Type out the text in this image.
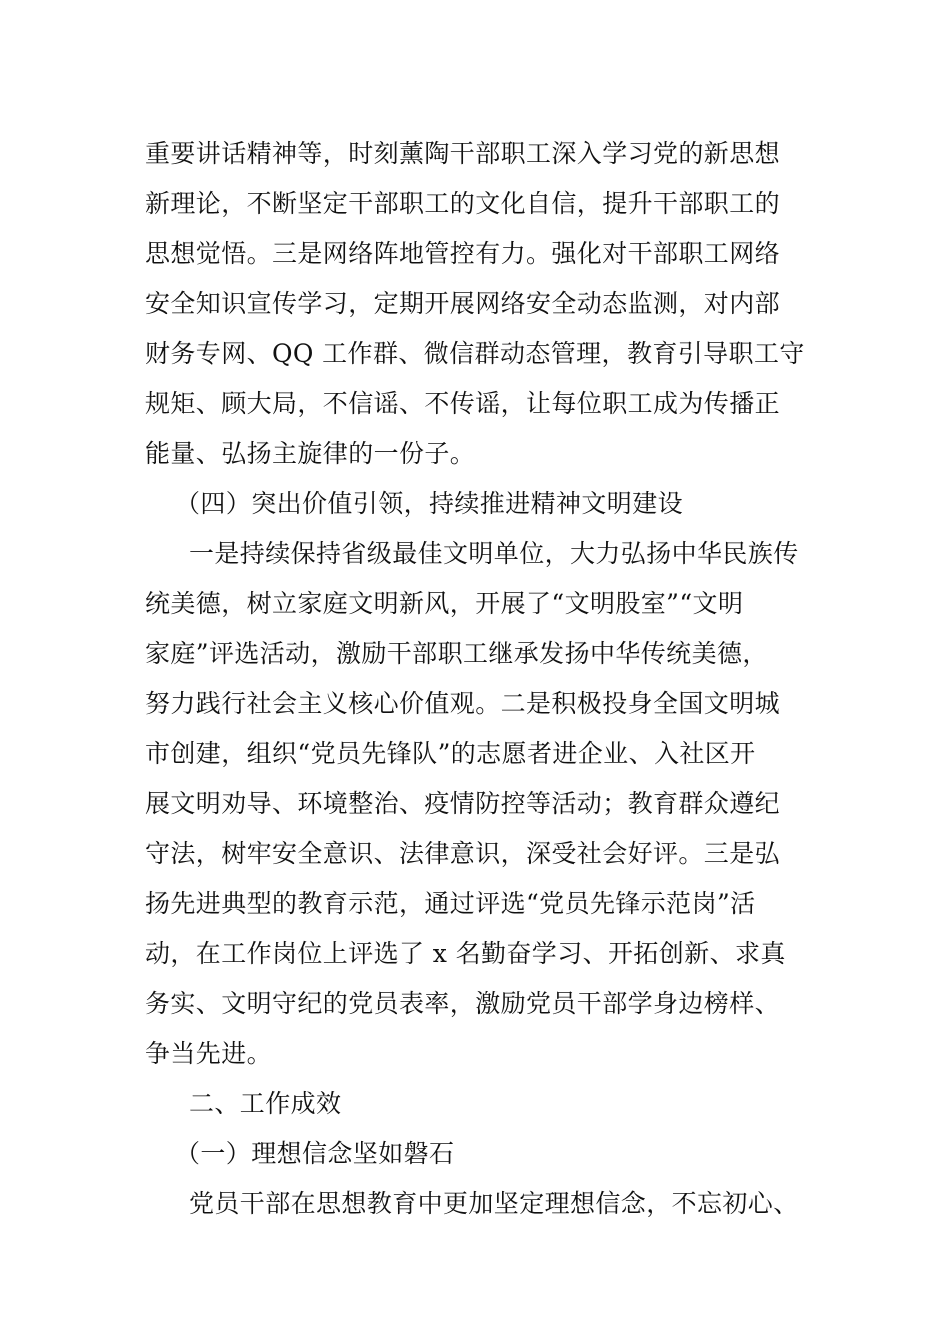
重要讲话精神等，时刻薰陶干部职工深入学习党的新思想
新理论，不断坚定干部职工的文化自信，提升干部职工的
思想觉悟。三是网络阵地管控有力。强化对干部职工网络
安全知识宣传学习，定期开展网络安全动态监测，对内部
财务专网、QQ 工作群、微信群动态管理，教育引导职工守
规矩、顾大局，不信谣、不传谣，让每位职工成为传播正
能量、弘扬主旋律的一份子。
（四）突出价值引领，持续推进精神文明建设
一是持续保持省级最佳文明单位，大力弘扬中华民族传
统美德，树立家庭文明新风，开展了“文明股室”“文明
家庭”评选活动，激励干部职工继承发扬中华传统美德，
努力践行社会主义核心价值观。二是积极投身全国文明城
市创建，组织“党员先锋队”的志愿者进企业、入社区开
展文明劝导、环境整治、疫情防控等活动；教育群众遵纪
守法，树牢安全意识、法律意识，深受社会好评。三是弘
扬先进典型的教育示范，通过评选“党员先锋示范岗”活
动，在工作岗位上评选了 x 名勤奋学习、开拓创新、求真
务实、文明守纪的党员表率，激励党员干部学身边榜样、
争当先进。
二、工作成效
（一）理想信念坚如磐石
党员干部在思想教育中更加坚定理想信念，不忘初心、
